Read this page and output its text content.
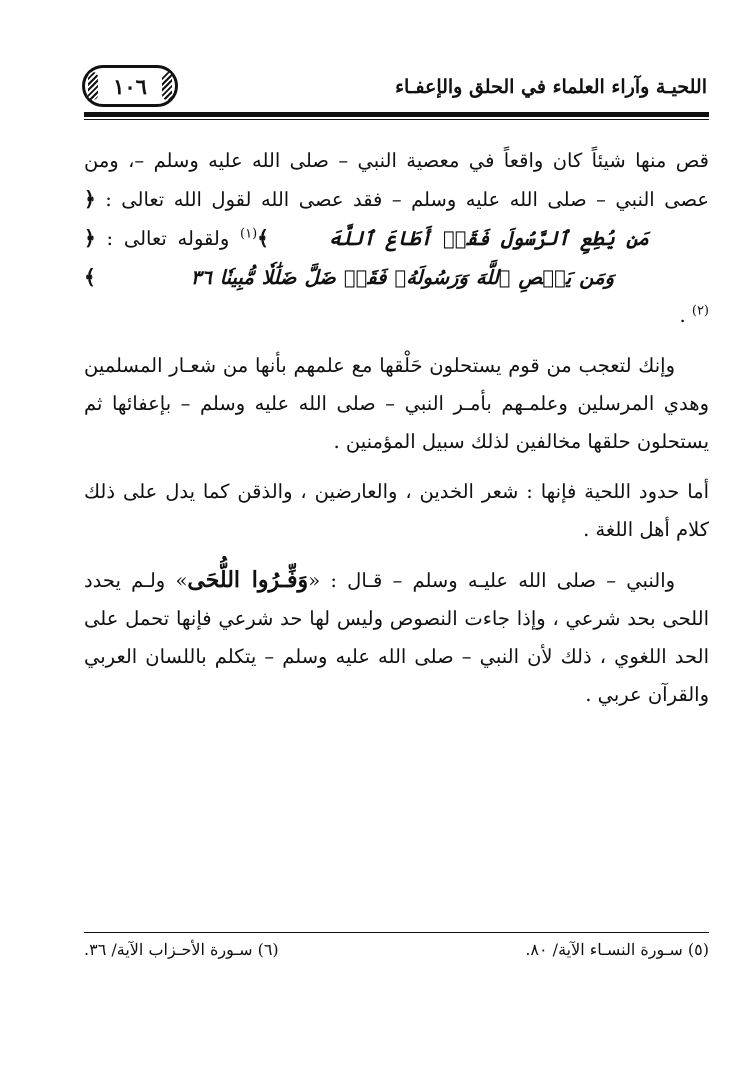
اللحيـة وآراء العلماء في الحلق والإعفـاء
١٠٦

قص منها شيئاً كان واقعاً في معصية النبي – صلى الله عليه وسلم –، ومن عصى النبي – صلى الله عليه وسلم – فقد عصى الله لقول الله تعالى : ﴿مَن يُطِعِ ٱلرَّسُولَ فَقَدۡ أَطَاعَ ٱللَّهَ﴾$^{(١)}$ ولقوله تعالى : ﴿وَمَن يَعۡصِ ٱللَّهَ وَرَسُولَهُۥ فَقَدۡ ضَلَّ ضَلَٰلٗا مُّبِينٗا ٣٦﴾$^{(٢)}$ .

وإنك لتعجب من قوم يستحلون حَلْقها مع علمهم بأنها من شعـار المسلمين وهدي المرسلين وعلمـهم بأمـر النبي – صلى الله عليه وسلم – بإعفائها ثم يستحلون حلقها مخالفين لذلك سبيل المؤمنين .

أما حدود اللحية فإنها : شعر الخدين ، والعارضين ، والذقن كما يدل على ذلك كلام أهل اللغة .

والنبي – صلى الله عليـه وسلم – قـال : «وَفِّـرُوا اللُّحَى» ولـم يحدد اللحى بحد شرعي ، وإذا جاءت النصوص وليس لها حد شرعي فإنها تحمل على الحد اللغوي ، ذلك لأن النبي – صلى الله عليه وسلم – يتكلم باللسان العربي والقرآن عربي .

(٥) سـورة النسـاء الآية/ ٨٠.
(٦) سـورة الأحـزاب الآية/ ٣٦.
